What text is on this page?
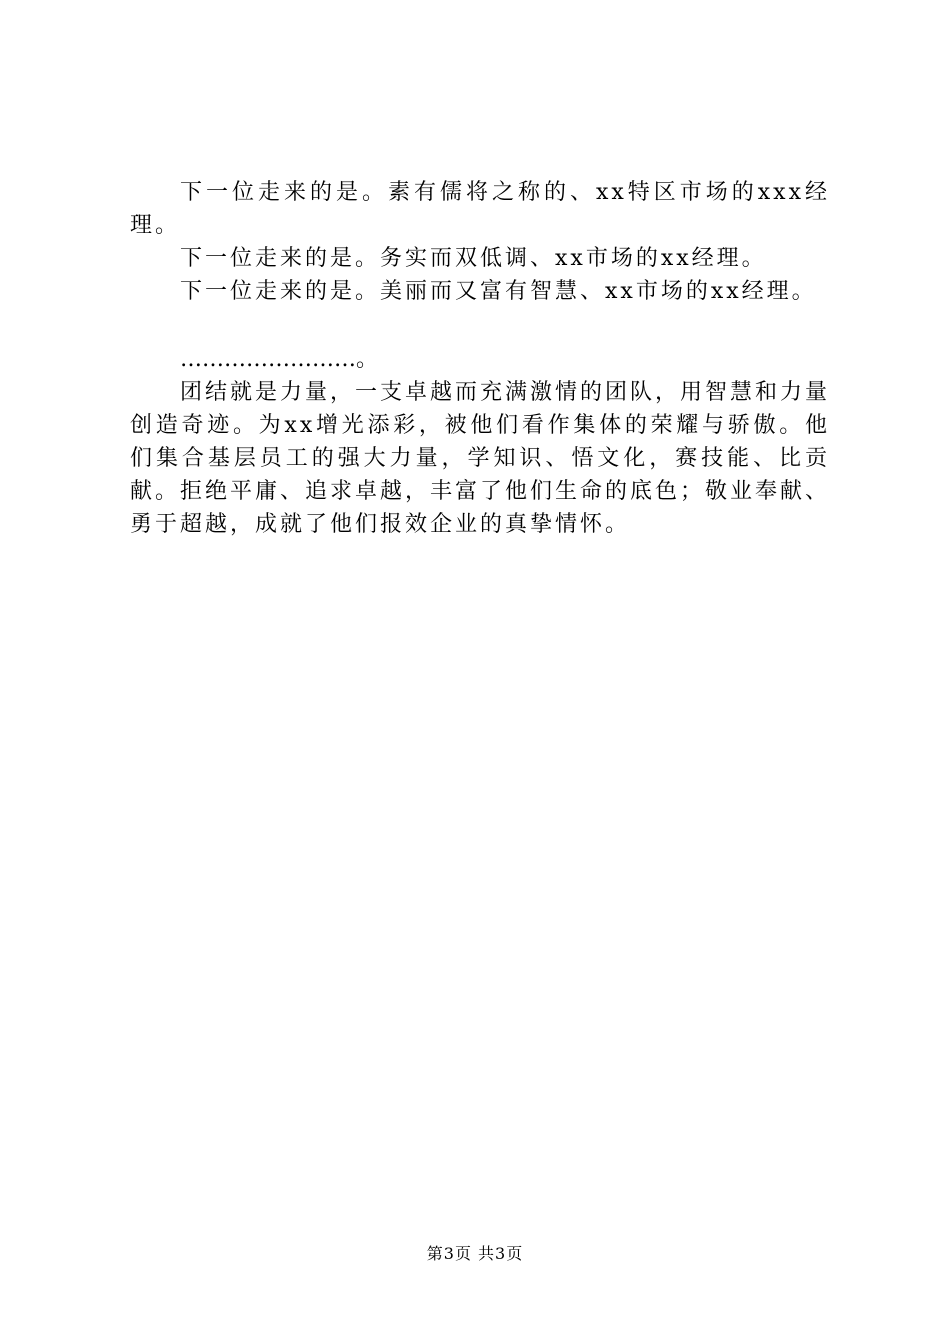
下一位走来的是。素有儒将之称的、xx特区市场的xxx经理。

下一位走来的是。务实而双低调、xx市场的xx经理。

下一位走来的是。美丽而又富有智慧、xx市场的xx经理。

……………………。

团结就是力量，一支卓越而充满激情的团队，用智慧和力量创造奇迹。为xx增光添彩，被他们看作集体的荣耀与骄傲。他们集合基层员工的强大力量，学知识、悟文化，赛技能、比贡献。拒绝平庸、追求卓越，丰富了他们生命的底色；敬业奉献、勇于超越，成就了他们报效企业的真挚情怀。

第3页 共3页
